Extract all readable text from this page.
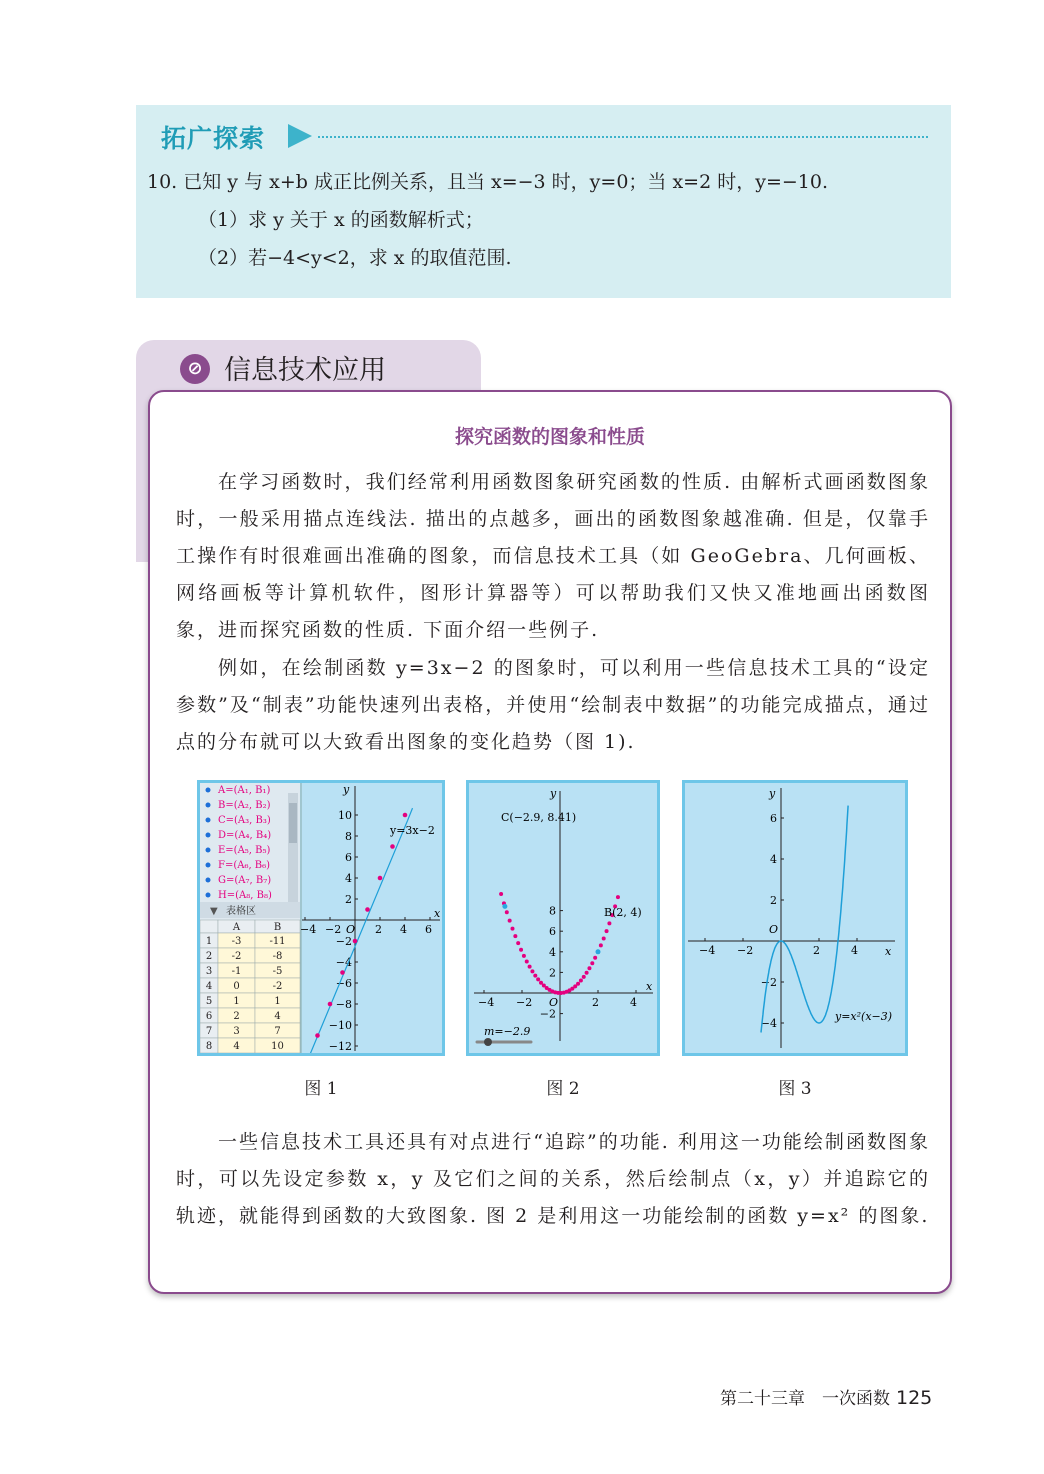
拓广探索
10. 已知 y 与 x+b 成正比例关系，且当 x=−3 时，y=0；当 x=2 时，y=−10.
（1）求 y 关于 x 的函数解析式；
（2）若−4<y<2，求 x 的取值范围.
⊘ 信息技术应用
探究函数的图象和性质
在学习函数时，我们经常利用函数图象研究函数的性质. 由解析式画函数图象时，一般采用描点连线法. 描出的点越多，画出的函数图象越准确. 但是，仅靠手工操作有时很难画出准确的图象，而信息技术工具（如 GeoGebra、几何画板、网络画板等计算机软件，图形计算器等）可以帮助我们又快又准地画出函数图象，进而探究函数的性质. 下面介绍一些例子.
例如，在绘制函数 y=3x−2 的图象时，可以利用一些信息技术工具的“设定参数”及“制表”功能快速列出表格，并使用“绘制表中数据”的功能完成描点，通过点的分布就可以大致看出图象的变化趋势（图 1).
A=(A₁, B₁)
B=(A₂, B₂)
C=(A₃, B₃)
D=(A₄, B₄)
E=(A₅, B₅)
F=(A₆, B₆)
G=(A₇, B₇)
H=(A₈, B₈)
▼ 表格区
A	B
1 -3	-11
2 -2	-8
3 -1	-5
4 0	-2
5 1	1
6 2	4
7 3	7
8 4	10
x
y
−4 −2 O 2 4 6
10
8
6
4
2
−2
−4
−6
−8
−10
−12
y=3x−2
图 1
x
y
−4 −2 O	2	4
8
6
4
2
−2
C(−2.9, 8.41)
B(2, 4)
m=−2.9
图 2
x
y
−4 −2
O
2	4
6
4
2
−2
−4
y=x²(x−3)
图 3
一些信息技术工具还具有对点进行“追踪”的功能. 利用这一功能绘制函数图象时，可以先设定参数 x，y 及它们之间的关系，然后绘制点（x，y）并追踪它的轨迹，就能得到函数的大致图象. 图 2 是利用这一功能绘制的函数 y=x² 的图象.
第二十三章　一次函数 125
